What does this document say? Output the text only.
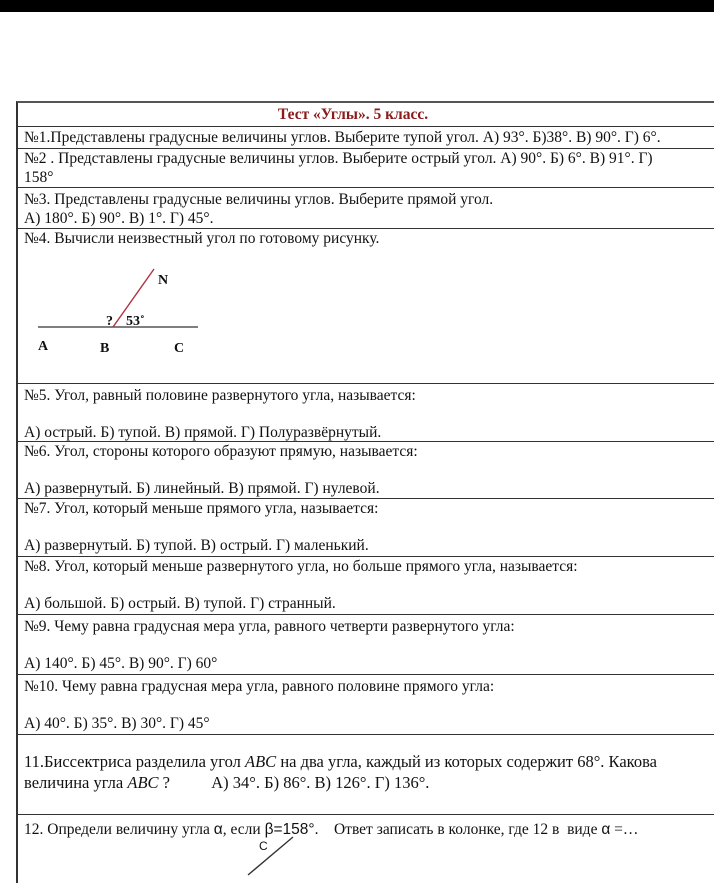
Тест «Углы». 5 класс.
№1.Представлены градусные величины углов. Выберите тупой угол. А) 93°. Б)38°. В) 90°. Г) 6°.
№2 . Представлены градусные величины углов. Выберите острый угол. А) 90°. Б) 6°. В) 91°. Г)
158°
№3. Представлены градусные величины углов. Выберите прямой угол.
А) 180°. Б) 90°. В) 1°. Г) 45°.
№4. Вычисли неизвестный угол по готовому рисунку.
N
? 53˚
A	B	C
№5. Угол, равный половине развернутого угла, называется:
А) острый. Б) тупой. В) прямой. Г) Полуразвёрнутый.
№6. Угол, стороны которого образуют прямую, называется:
А) развернутый. Б) линейный. В) прямой. Г) нулевой.
№7. Угол, который меньше прямого угла, называется:
А) развернутый. Б) тупой. В) острый. Г) маленький.
№8. Угол, который меньше развернутого угла, но больше прямого угла, называется:
А) большой. Б) острый. В) тупой. Г) странный.
№9. Чему равна градусная мера угла, равного четверти развернутого угла:
А) 140°. Б) 45°. В) 90°. Г) 60°
№10. Чему равна градусная мера угла, равного половине прямого угла:
А) 40°. Б) 35°. В) 30°. Г) 45°
11.Биссектриса разделила угол ABC на два угла, каждый из которых содержит 68°. Какова
величина угла ABC ?          А) 34°. Б) 86°. В) 126°. Г) 136°.
12. Определи величину угла α, если β=158°.    Ответ записать в колонке, где 12 в  виде α =…
C
